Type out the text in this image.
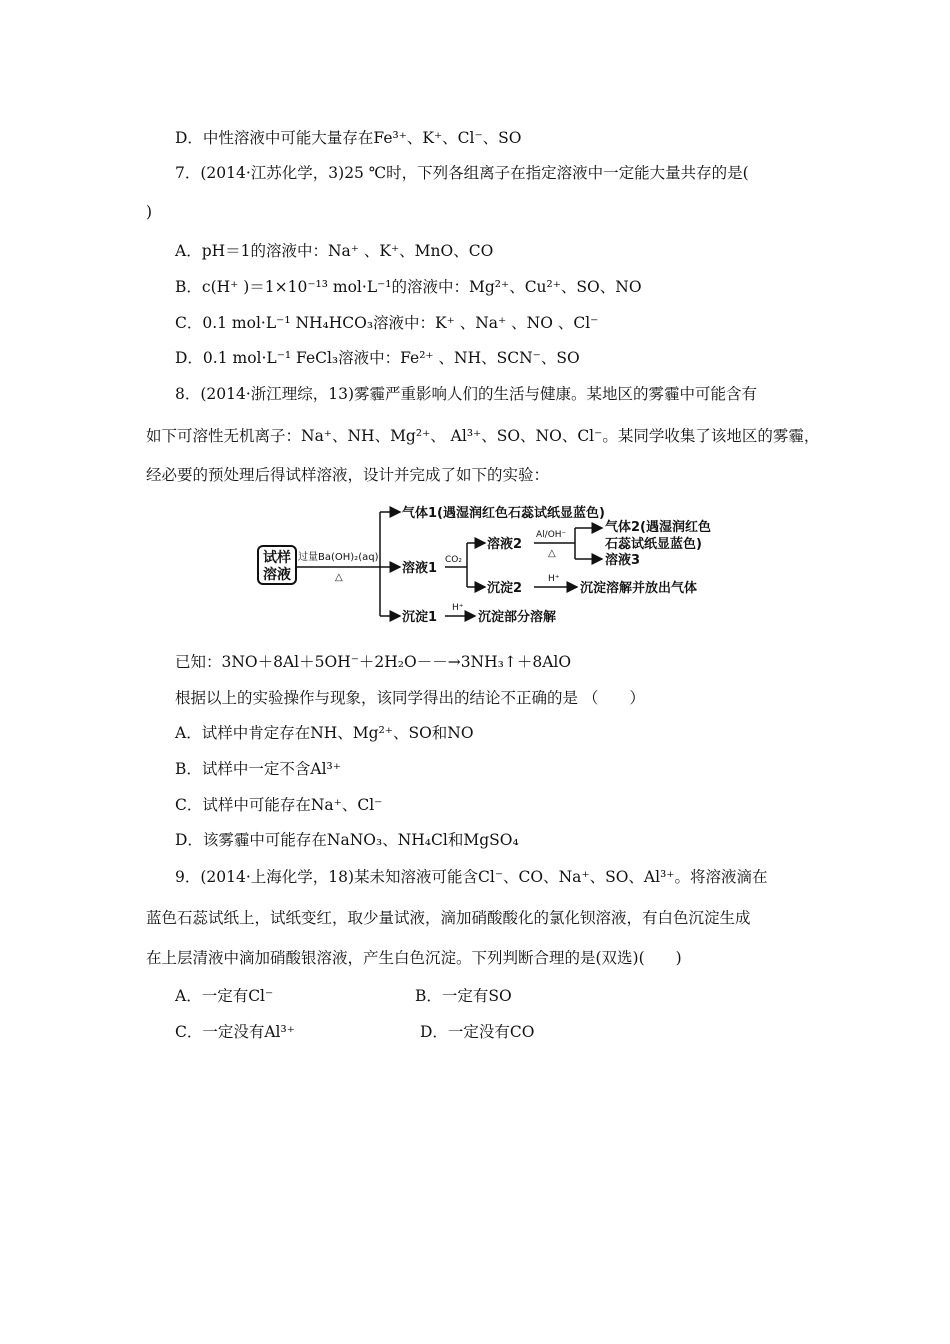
D．中性溶液中可能大量存在Fe³⁺、K⁺、Cl⁻、SO
7．(2014·江苏化学，3)25 ℃时，下列各组离子在指定溶液中一定能大量共存的是(
)
A．pH＝1的溶液中：Na⁺ 、K⁺、MnO、CO
B．c(H⁺ )＝1×10⁻¹³ mol·L⁻¹的溶液中：Mg²⁺、Cu²⁺、SO、NO
C．0.1 mol·L⁻¹ NH₄HCO₃溶液中：K⁺ 、Na⁺ 、NO 、Cl⁻
D．0.1 mol·L⁻¹ FeCl₃溶液中：Fe²⁺ 、NH、SCN⁻、SO
8．(2014·浙江理综，13)雾霾严重影响人们的生活与健康。某地区的雾霾中可能含有
如下可溶性无机离子：Na⁺、NH、Mg²⁺、 Al³⁺、SO、NO、Cl⁻。某同学收集了该地区的雾霾，
经必要的预处理后得试样溶液，设计并完成了如下的实验：
试样
溶液
过量Ba(OH)₂(aq)
△
气体1(遇湿润红色石蕊试纸显蓝色)
溶液1
沉淀1
CO₂
溶液2
沉淀2
Al/OH⁻
△
气体2(遇湿润红色
石蕊试纸显蓝色)
溶液3
H⁺
沉淀溶解并放出气体
H⁺
沉淀部分溶解
已知：3NO＋8Al＋5OH⁻＋2H₂O－－→3NH₃↑＋8AlO
根据以上的实验操作与现象，该同学得出的结论不正确的是 （　　）
A．试样中肯定存在NH、Mg²⁺、SO和NO
B．试样中一定不含Al³⁺
C．试样中可能存在Na⁺、Cl⁻
D．该雾霾中可能存在NaNO₃、NH₄Cl和MgSO₄
9．(2014·上海化学，18)某未知溶液可能含Cl⁻、CO、Na⁺、SO、Al³⁺。将溶液滴在
蓝色石蕊试纸上，试纸变红，取少量试液，滴加硝酸酸化的氯化钡溶液，有白色沉淀生成
在上层清液中滴加硝酸银溶液，产生白色沉淀。下列判断合理的是(双选)(　　)
A．一定有Cl⁻	B．一定有SO
C．一定没有Al³⁺	D．一定没有CO
